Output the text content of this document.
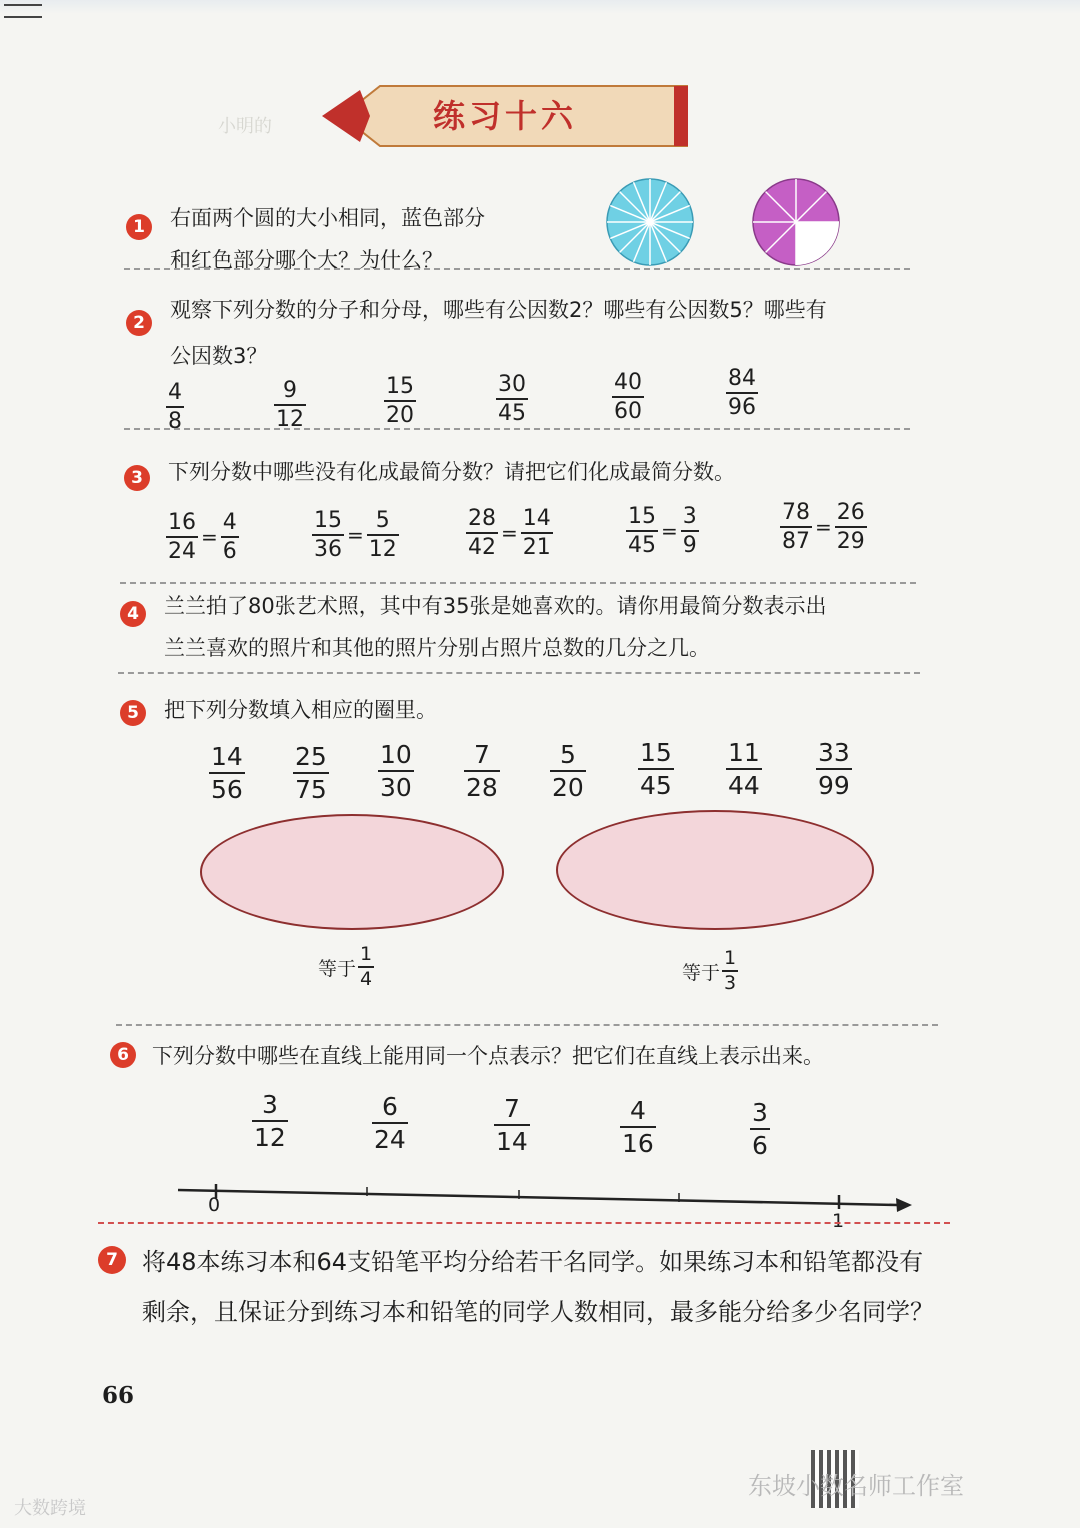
练习十六
小明的
1	右面两个圆的大小相同，蓝色部分
和红色部分哪个大？为什么？
2
观察下列分数的分子和分母，哪些有公因数2？哪些有公因数5？哪些有
公因数3？
4
8
9
12
15
20
30
45
40
60
84
96
3	下列分数中哪些没有化成最简分数？请把它们化成最简分数。
$\frac{16}{24} = \frac{4}{6}$	$\frac{15}{36} = \frac{5}{12}$	$\frac{28}{42} = \frac{14}{21}$	$\frac{15}{45} = \frac{3}{9}$	$\frac{78}{87} = \frac{26}{29}$
4	兰兰拍了80张艺术照，其中有35张是她喜欢的。请你用最简分数表示出
兰兰喜欢的照片和其他的照片分别占照片总数的几分之几。
5	把下列分数填入相应的圈里。
14
56
25
75
10
30
7
28
5
20
15
45
11
44
33
99
等于 $\frac{1}{4}$	等于 $\frac{1}{3}$
6	下列分数中哪些在直线上能用同一个点表示？把它们在直线上表示出来。
3
12
6
24
7
14
4
16
3
6
0
1
7	将48本练习本和64支铅笔平均分给若干名同学。如果练习本和铅笔都没有
剩余，且保证分到练习本和铅笔的同学人数相同，最多能分给多少名同学？
66
大数跨境
东坡小数名师工作室
